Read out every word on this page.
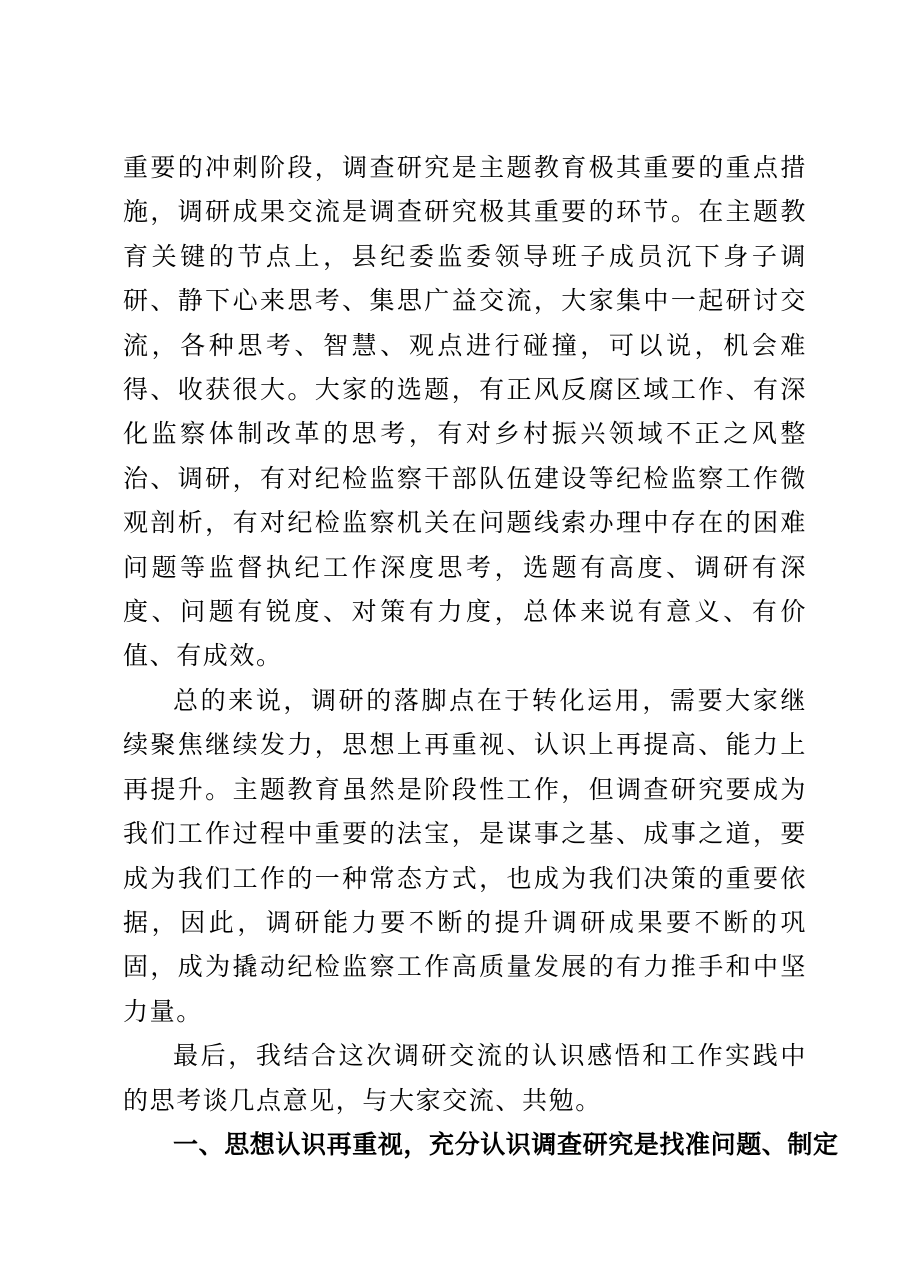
重要的冲刺阶段，调查研究是主题教育极其重要的重点措施，调研成果交流是调查研究极其重要的环节。在主题教育关键的节点上，县纪委监委领导班子成员沉下身子调研、静下心来思考、集思广益交流，大家集中一起研讨交流，各种思考、智慧、观点进行碰撞，可以说，机会难得、收获很大。大家的选题，有正风反腐区域工作、有深化监察体制改革的思考，有对乡村振兴领域不正之风整治、调研，有对纪检监察干部队伍建设等纪检监察工作微观剖析，有对纪检监察机关在问题线索办理中存在的困难问题等监督执纪工作深度思考，选题有高度、调研有深度、问题有锐度、对策有力度，总体来说有意义、有价值、有成效。

总的来说，调研的落脚点在于转化运用，需要大家继续聚焦继续发力，思想上再重视、认识上再提高、能力上再提升。主题教育虽然是阶段性工作，但调查研究要成为我们工作过程中重要的法宝，是谋事之基、成事之道，要成为我们工作的一种常态方式，也成为我们决策的重要依据，因此，调研能力要不断的提升调研成果要不断的巩固，成为撬动纪检监察工作高质量发展的有力推手和中坚力量。

最后，我结合这次调研交流的认识感悟和工作实践中的思考谈几点意见，与大家交流、共勉。

一、思想认识再重视，充分认识调查研究是找准问题、制定
